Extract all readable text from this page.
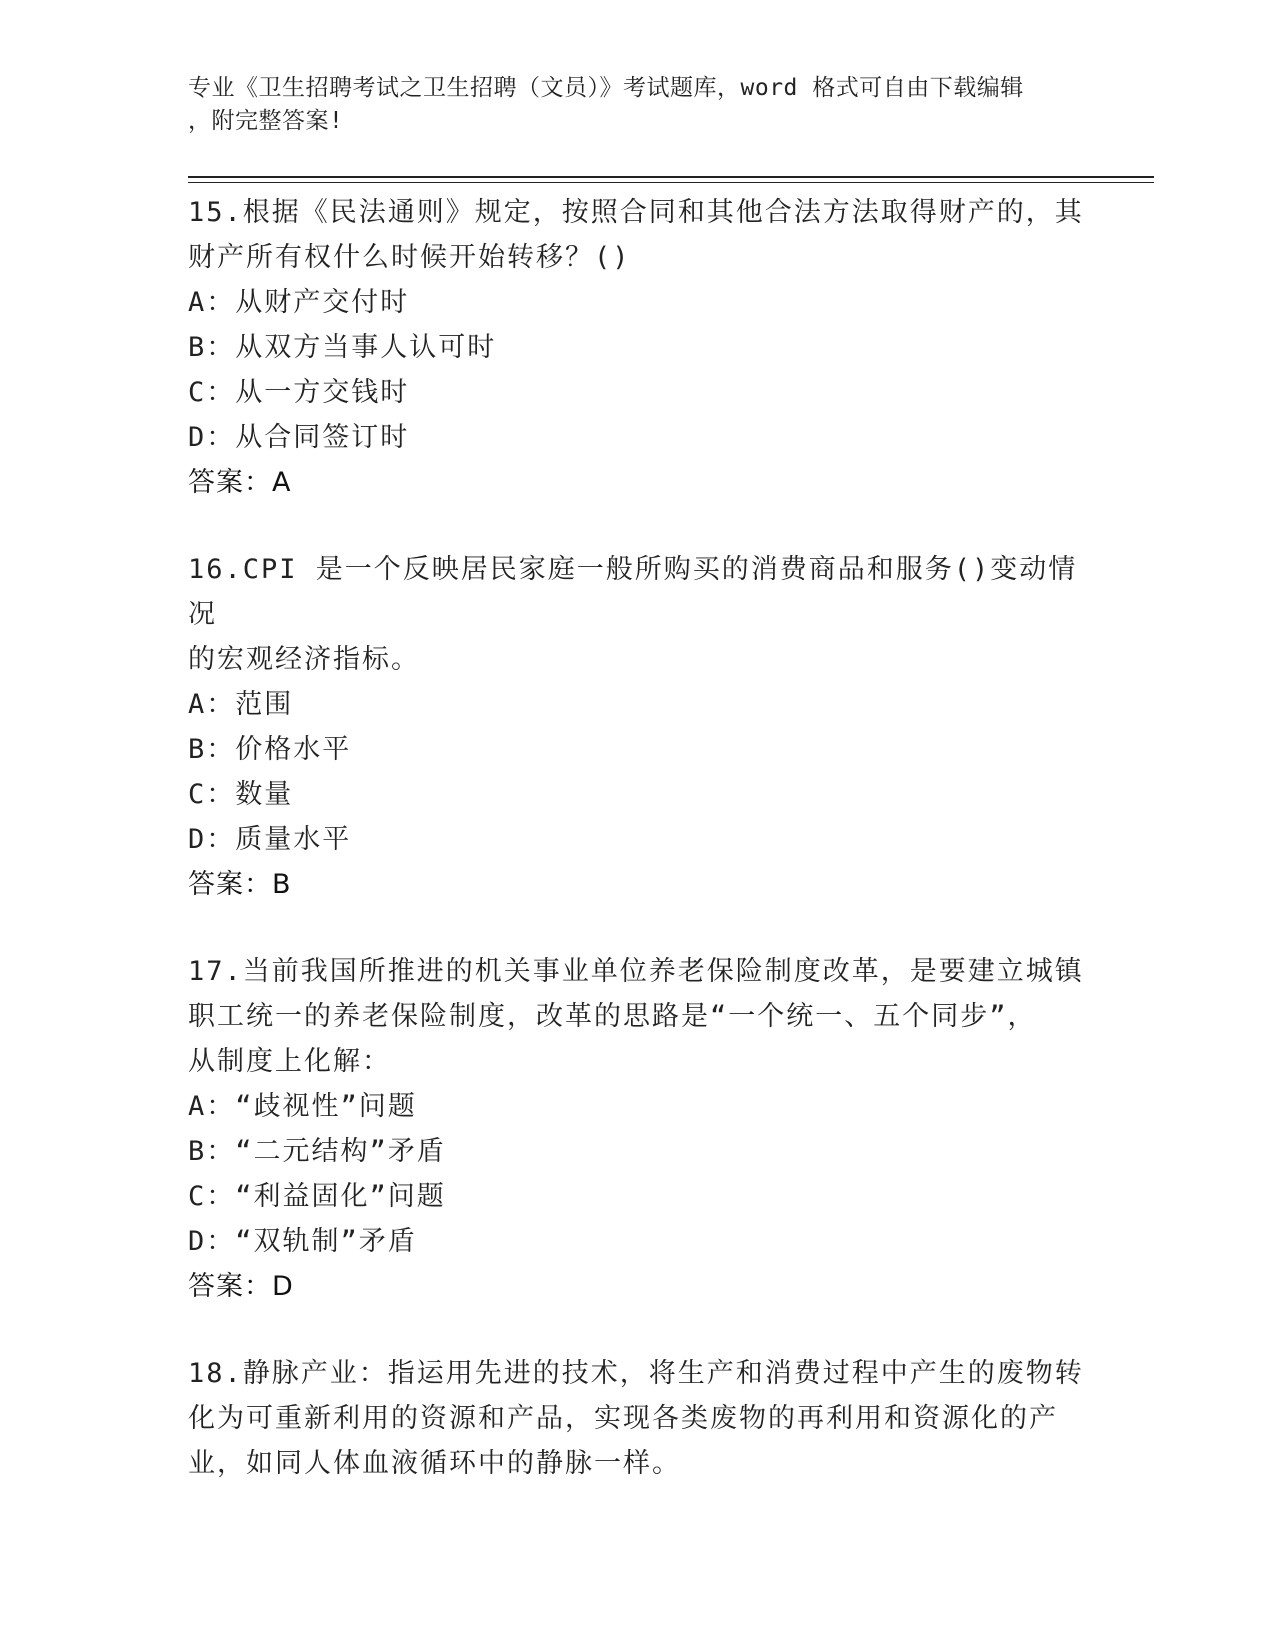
专业《卫生招聘考试之卫生招聘（文员）》考试题库，word 格式可自由下载编辑
，附完整答案!
15.根据《民法通则》规定，按照合同和其他合法方法取得财产的，其
财产所有权什么时候开始转移？()
A：从财产交付时
B：从双方当事人认可时
C：从一方交钱时
D：从合同签订时
答案：A
16.CPI 是一个反映居民家庭一般所购买的消费商品和服务()变动情况
的宏观经济指标。
A：范围
B：价格水平
C：数量
D：质量水平
答案：B
17.当前我国所推进的机关事业单位养老保险制度改革，是要建立城镇
职工统一的养老保险制度，改革的思路是“一个统一、五个同步”，
从制度上化解：
A：“歧视性”问题
B：“二元结构”矛盾
C：“利益固化”问题
D：“双轨制”矛盾
答案：D
18.静脉产业：指运用先进的技术，将生产和消费过程中产生的废物转
化为可重新利用的资源和产品，实现各类废物的再利用和资源化的产
业，如同人体血液循环中的静脉一样。
